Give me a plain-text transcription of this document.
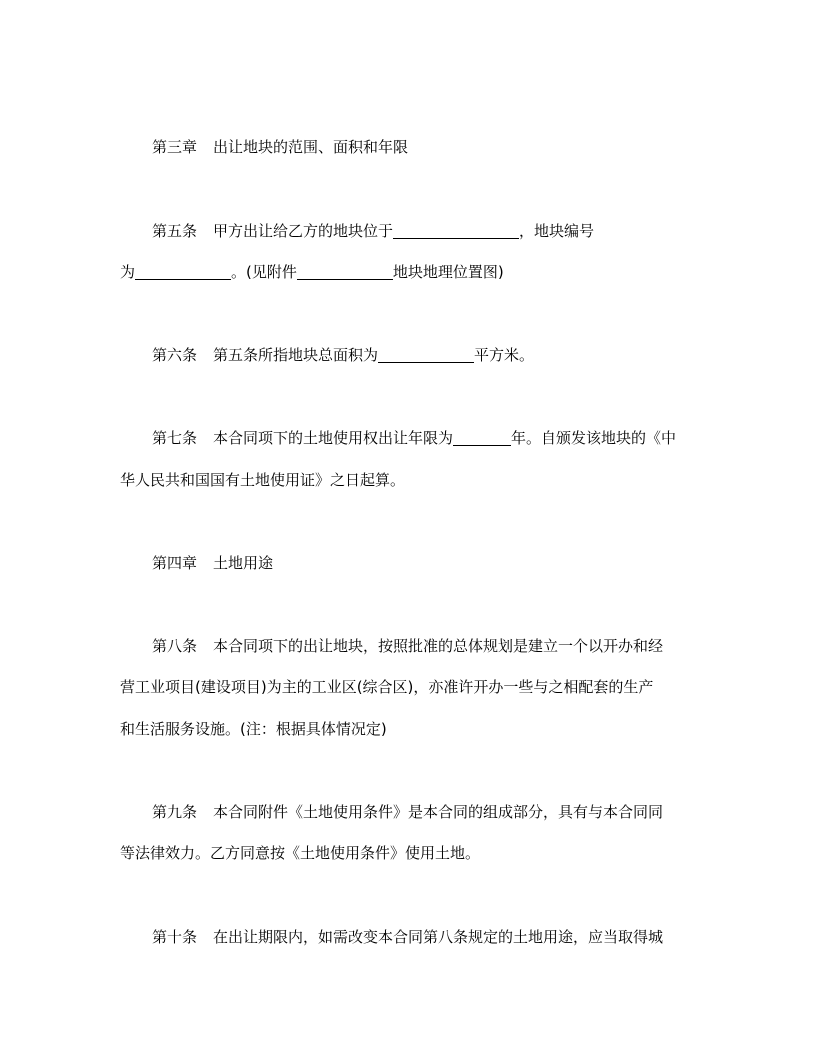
第三章 出让地块的范围、面积和年限
第五条 甲方出让给乙方的地块位于	，地块编号
为	。(见附件	地块地理位置图)
第六条 第五条所指地块总面积为	平方米。
第七条 本合同项下的土地使用权出让年限为	年。自颁发该地块的《中
华人民共和国国有土地使用证》之日起算。
第四章 土地用途
第八条 本合同项下的出让地块，按照批准的总体规划是建立一个以开办和经
营工业项目(建设项目)为主的工业区(综合区)，亦准许开办一些与之相配套的生产
和生活服务设施。(注：根据具体情况定)
第九条 本合同附件《土地使用条件》是本合同的组成部分，具有与本合同同
等法律效力。乙方同意按《土地使用条件》使用土地。
第十条 在出让期限内，如需改变本合同第八条规定的土地用途，应当取得城
